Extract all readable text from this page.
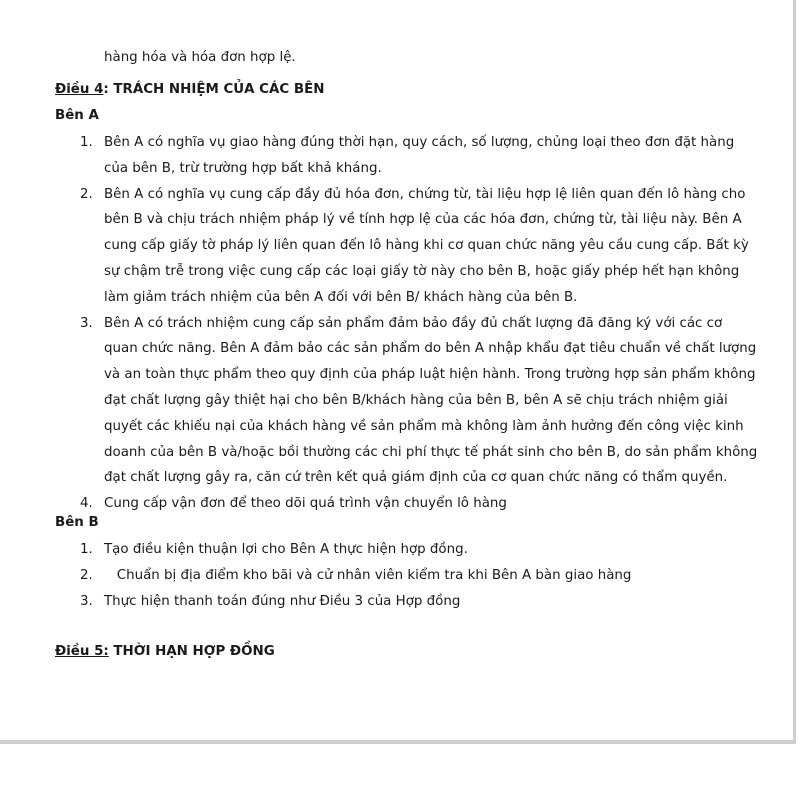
hàng hóa và hóa đơn hợp lệ.
Điều 4: TRÁCH NHIỆM CỦA CÁC BÊN
Bên A
1. Bên A có nghĩa vụ giao hàng đúng thời hạn, quy cách, số lượng, chủng loại theo đơn đặt hàng của bên B, trừ trường hợp bất khả kháng.
2. Bên A có nghĩa vụ cung cấp đầy đủ hóa đơn, chứng từ, tài liệu hợp lệ liên quan đến lô hàng cho bên B và chịu trách nhiệm pháp lý về tính hợp lệ của các hóa đơn, chứng từ, tài liệu này. Bên A cung cấp giấy tờ pháp lý liên quan đến lô hàng khi cơ quan chức năng yêu cầu cung cấp. Bất kỳ sự chậm trễ trong việc cung cấp các loại giấy tờ này cho bên B, hoặc giấy phép hết hạn không làm giảm trách nhiệm của bên A đối với bên B/ khách hàng của bên B.
3. Bên A có trách nhiệm cung cấp sản phẩm đảm bảo đầy đủ chất lượng đã đăng ký với các cơ quan chức năng. Bên A đảm bảo các sản phẩm do bên A nhập khẩu đạt tiêu chuẩn về chất lượng và an toàn thực phẩm theo quy định của pháp luật hiện hành. Trong trường hợp sản phẩm không đạt chất lượng gây thiệt hại cho bên B/khách hàng của bên B, bên A sẽ chịu trách nhiệm giải quyết các khiếu nại của khách hàng về sản phẩm mà không làm ảnh hưởng đến công việc kinh doanh của bên B và/hoặc bồi thường các chi phí thực tế phát sinh cho bên B, do sản phẩm không đạt chất lượng gây ra, căn cứ trên kết quả giám định của cơ quan chức năng có thẩm quyền.
4. Cung cấp vận đơn để theo dõi quá trình vận chuyển lô hàng
Bên B
1. Tạo điều kiện thuận lợi cho Bên A thực hiện hợp đồng.
2. Chuẩn bị địa điểm kho bãi và cử nhân viên kiểm tra khi Bên A bàn giao hàng
3. Thực hiện thanh toán đúng như Điều 3 của Hợp đồng
Điều 5: THỜI HẠN HỢP ĐỒNG
